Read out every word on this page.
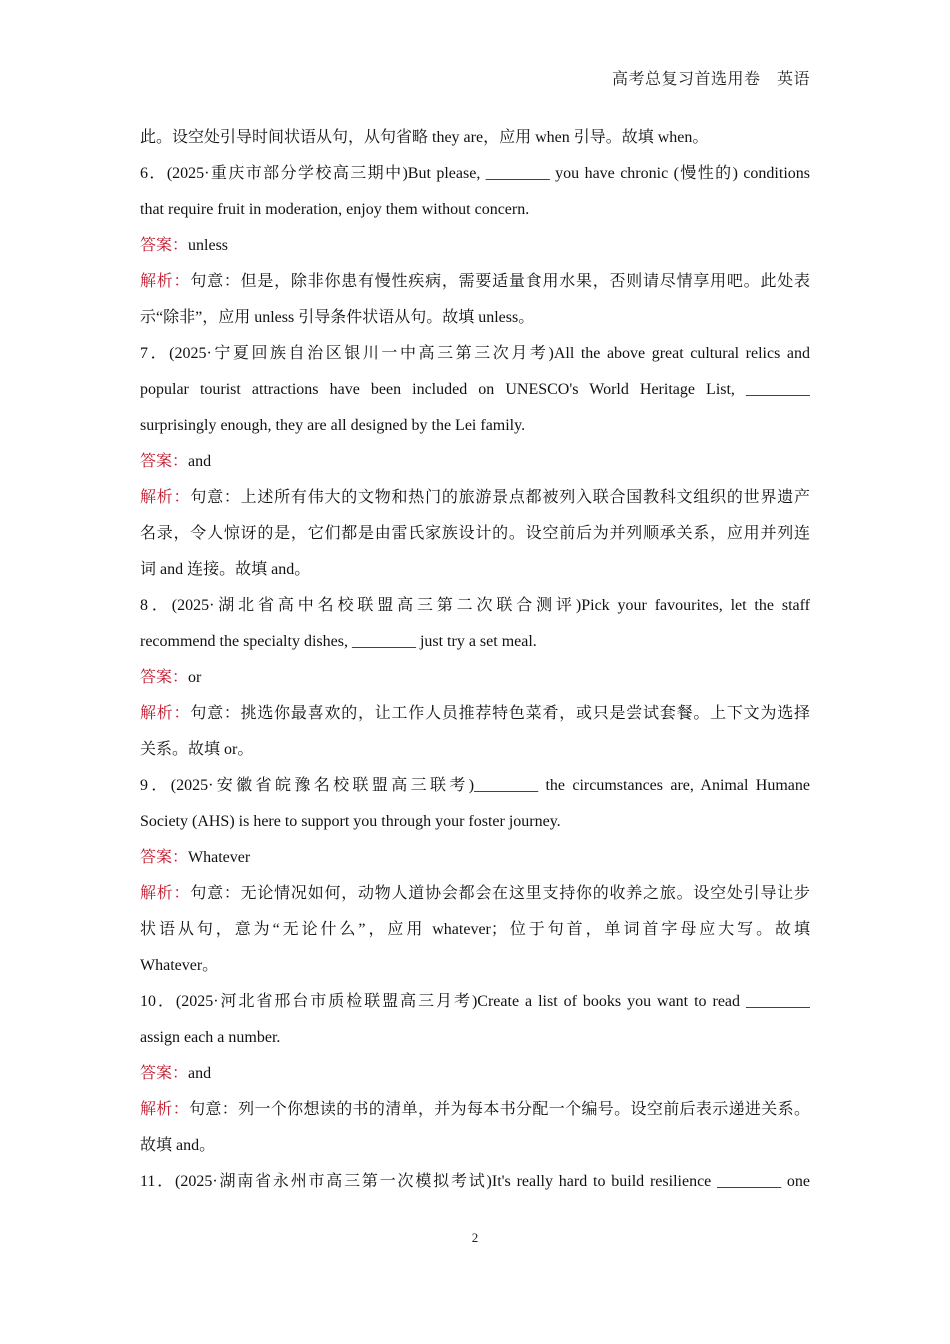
高考总复习首选用卷　英语
此。设空处引导时间状语从句，从句省略 they are，应用 when 引导。故填 when。
6．(2025·重庆市部分学校高三期中)But please, ________ you have chronic (慢性的) conditions
that require fruit in moderation, enjoy them without concern.
答案：unless
解析：句意：但是，除非你患有慢性疾病，需要适量食用水果，否则请尽情享用吧。此处表
示“除非”，应用 unless 引导条件状语从句。故填 unless。
7．(2025·宁夏回族自治区银川一中高三第三次月考)All the above great cultural relics and
popular tourist attractions have been included on UNESCO's World Heritage List, ________
surprisingly enough, they are all designed by the Lei family.
答案：and
解析：句意：上述所有伟大的文物和热门的旅游景点都被列入联合国教科文组织的世界遗产
名录，令人惊讶的是，它们都是由雷氏家族设计的。设空前后为并列顺承关系，应用并列连
词 and 连接。故填 and。
8．(2025·湖北省高中名校联盟高三第二次联合测评)Pick your favourites, let the staff
recommend the specialty dishes, ________ just try a set meal.
答案：or
解析：句意：挑选你最喜欢的，让工作人员推荐特色菜肴，或只是尝试套餐。上下文为选择
关系。故填 or。
9．(2025·安徽省皖豫名校联盟高三联考)________ the circumstances are, Animal Humane
Society (AHS) is here to support you through your foster journey.
答案：Whatever
解析：句意：无论情况如何，动物人道协会都会在这里支持你的收养之旅。设空处引导让步
状语从句，意为“无论什么”，应用 whatever；位于句首，单词首字母应大写。故填
Whatever。
10．(2025·河北省邢台市质检联盟高三月考)Create a list of books you want to read ________
assign each a number.
答案：and
解析：句意：列一个你想读的书的清单，并为每本书分配一个编号。设空前后表示递进关系。
故填 and。
11．(2025·湖南省永州市高三第一次模拟考试)It's really hard to build resilience ________ one
2
